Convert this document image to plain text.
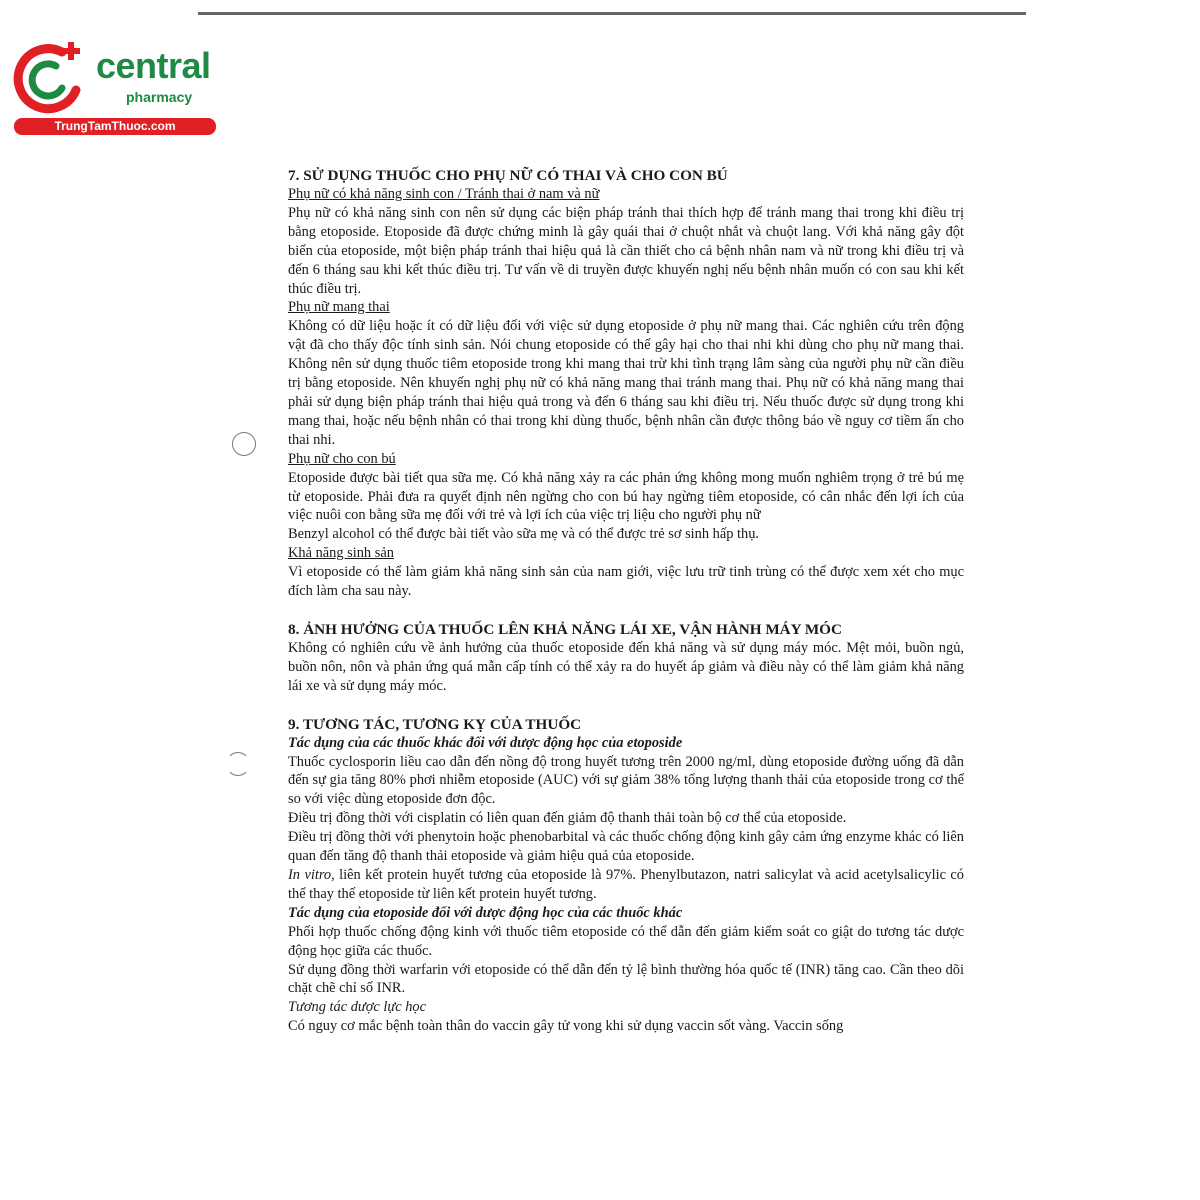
central
pharmacy
TrungTamThuoc.com
7. SỬ DỤNG THUỐC CHO PHỤ NỮ CÓ THAI VÀ CHO CON BÚ

Phụ nữ có khả năng sinh con / Tránh thai ở nam và nữ

Phụ nữ có khả năng sinh con nên sử dụng các biện pháp tránh thai thích hợp để tránh mang thai trong khi điều trị bằng etoposide. Etoposide đã được chứng minh là gây quái thai ở chuột nhắt và chuột lang. Với khả năng gây đột biến của etoposide, một biện pháp tránh thai hiệu quả là cần thiết cho cả bệnh nhân nam và nữ trong khi điều trị và đến 6 tháng sau khi kết thúc điều trị. Tư vấn về di truyền được khuyến nghị nếu bệnh nhân muốn có con sau khi kết thúc điều trị.

Phụ nữ mang thai

Không có dữ liệu hoặc ít có dữ liệu đối với việc sử dụng etoposide ở phụ nữ mang thai. Các nghiên cứu trên động vật đã cho thấy độc tính sinh sản. Nói chung etoposide có thể gây hại cho thai nhi khi dùng cho phụ nữ mang thai. Không nên sử dụng thuốc tiêm etoposide trong khi mang thai trừ khi tình trạng lâm sàng của người phụ nữ cần điều trị bằng etoposide. Nên khuyến nghị phụ nữ có khả năng mang thai tránh mang thai. Phụ nữ có khả năng mang thai phải sử dụng biện pháp tránh thai hiệu quả trong và đến 6 tháng sau khi điều trị. Nếu thuốc được sử dụng trong khi mang thai, hoặc nếu bệnh nhân có thai trong khi dùng thuốc, bệnh nhân cần được thông báo về nguy cơ tiềm ẩn cho thai nhi.

Phụ nữ cho con bú

Etoposide được bài tiết qua sữa mẹ. Có khả năng xảy ra các phản ứng không mong muốn nghiêm trọng ở trẻ bú mẹ từ etoposide. Phải đưa ra quyết định nên ngừng cho con bú hay ngừng tiêm etoposide, có cân nhắc đến lợi ích của việc nuôi con bằng sữa mẹ đối với trẻ và lợi ích của việc trị liệu cho người phụ nữ

Benzyl alcohol có thể được bài tiết vào sữa mẹ và có thể được trẻ sơ sinh hấp thụ.

Khả năng sinh sản

Vì etoposide có thể làm giảm khả năng sinh sản của nam giới, việc lưu trữ tinh trùng có thể được xem xét cho mục đích làm cha sau này.

8. ẢNH HƯỞNG CỦA THUỐC LÊN KHẢ NĂNG LÁI XE, VẬN HÀNH MÁY MÓC

Không có nghiên cứu về ảnh hưởng của thuốc etoposide đến khả năng và sử dụng máy móc. Mệt mỏi, buồn ngủ, buồn nôn, nôn và phản ứng quá mẫn cấp tính có thể xảy ra do huyết áp giảm và điều này có thể làm giảm khả năng lái xe và sử dụng máy móc.

9. TƯƠNG TÁC, TƯƠNG KỴ CỦA THUỐC

Tác dụng của các thuốc khác đối với dược động học của etoposide

Thuốc cyclosporin liều cao dẫn đến nồng độ trong huyết tương trên 2000 ng/ml, dùng etoposide đường uống đã dẫn đến sự gia tăng 80% phơi nhiễm etoposide (AUC) với sự giảm 38% tổng lượng thanh thải của etoposide trong cơ thể so với việc dùng etoposide đơn độc.

Điều trị đồng thời với cisplatin có liên quan đến giảm độ thanh thải toàn bộ cơ thể của etoposide.

Điều trị đồng thời với phenytoin hoặc phenobarbital và các thuốc chống động kinh gây cảm ứng enzyme khác có liên quan đến tăng độ thanh thải etoposide và giảm hiệu quả của etoposide.

In vitro, liên kết protein huyết tương của etoposide là 97%. Phenylbutazon, natri salicylat và acid acetylsalicylic có thể thay thế etoposide từ liên kết protein huyết tương.

Tác dụng của etoposide đối với dược động học của các thuốc khác

Phối hợp thuốc chống động kinh với thuốc tiêm etoposide có thể dẫn đến giảm kiểm soát co giật do tương tác dược động học giữa các thuốc.

Sử dụng đồng thời warfarin với etoposide có thể dẫn đến tỷ lệ bình thường hóa quốc tế (INR) tăng cao. Cần theo dõi chặt chẽ chỉ số INR.

Tương tác dược lực học

Có nguy cơ mắc bệnh toàn thân do vaccin gây tử vong khi sử dụng vaccin sốt vàng. Vaccin sống
